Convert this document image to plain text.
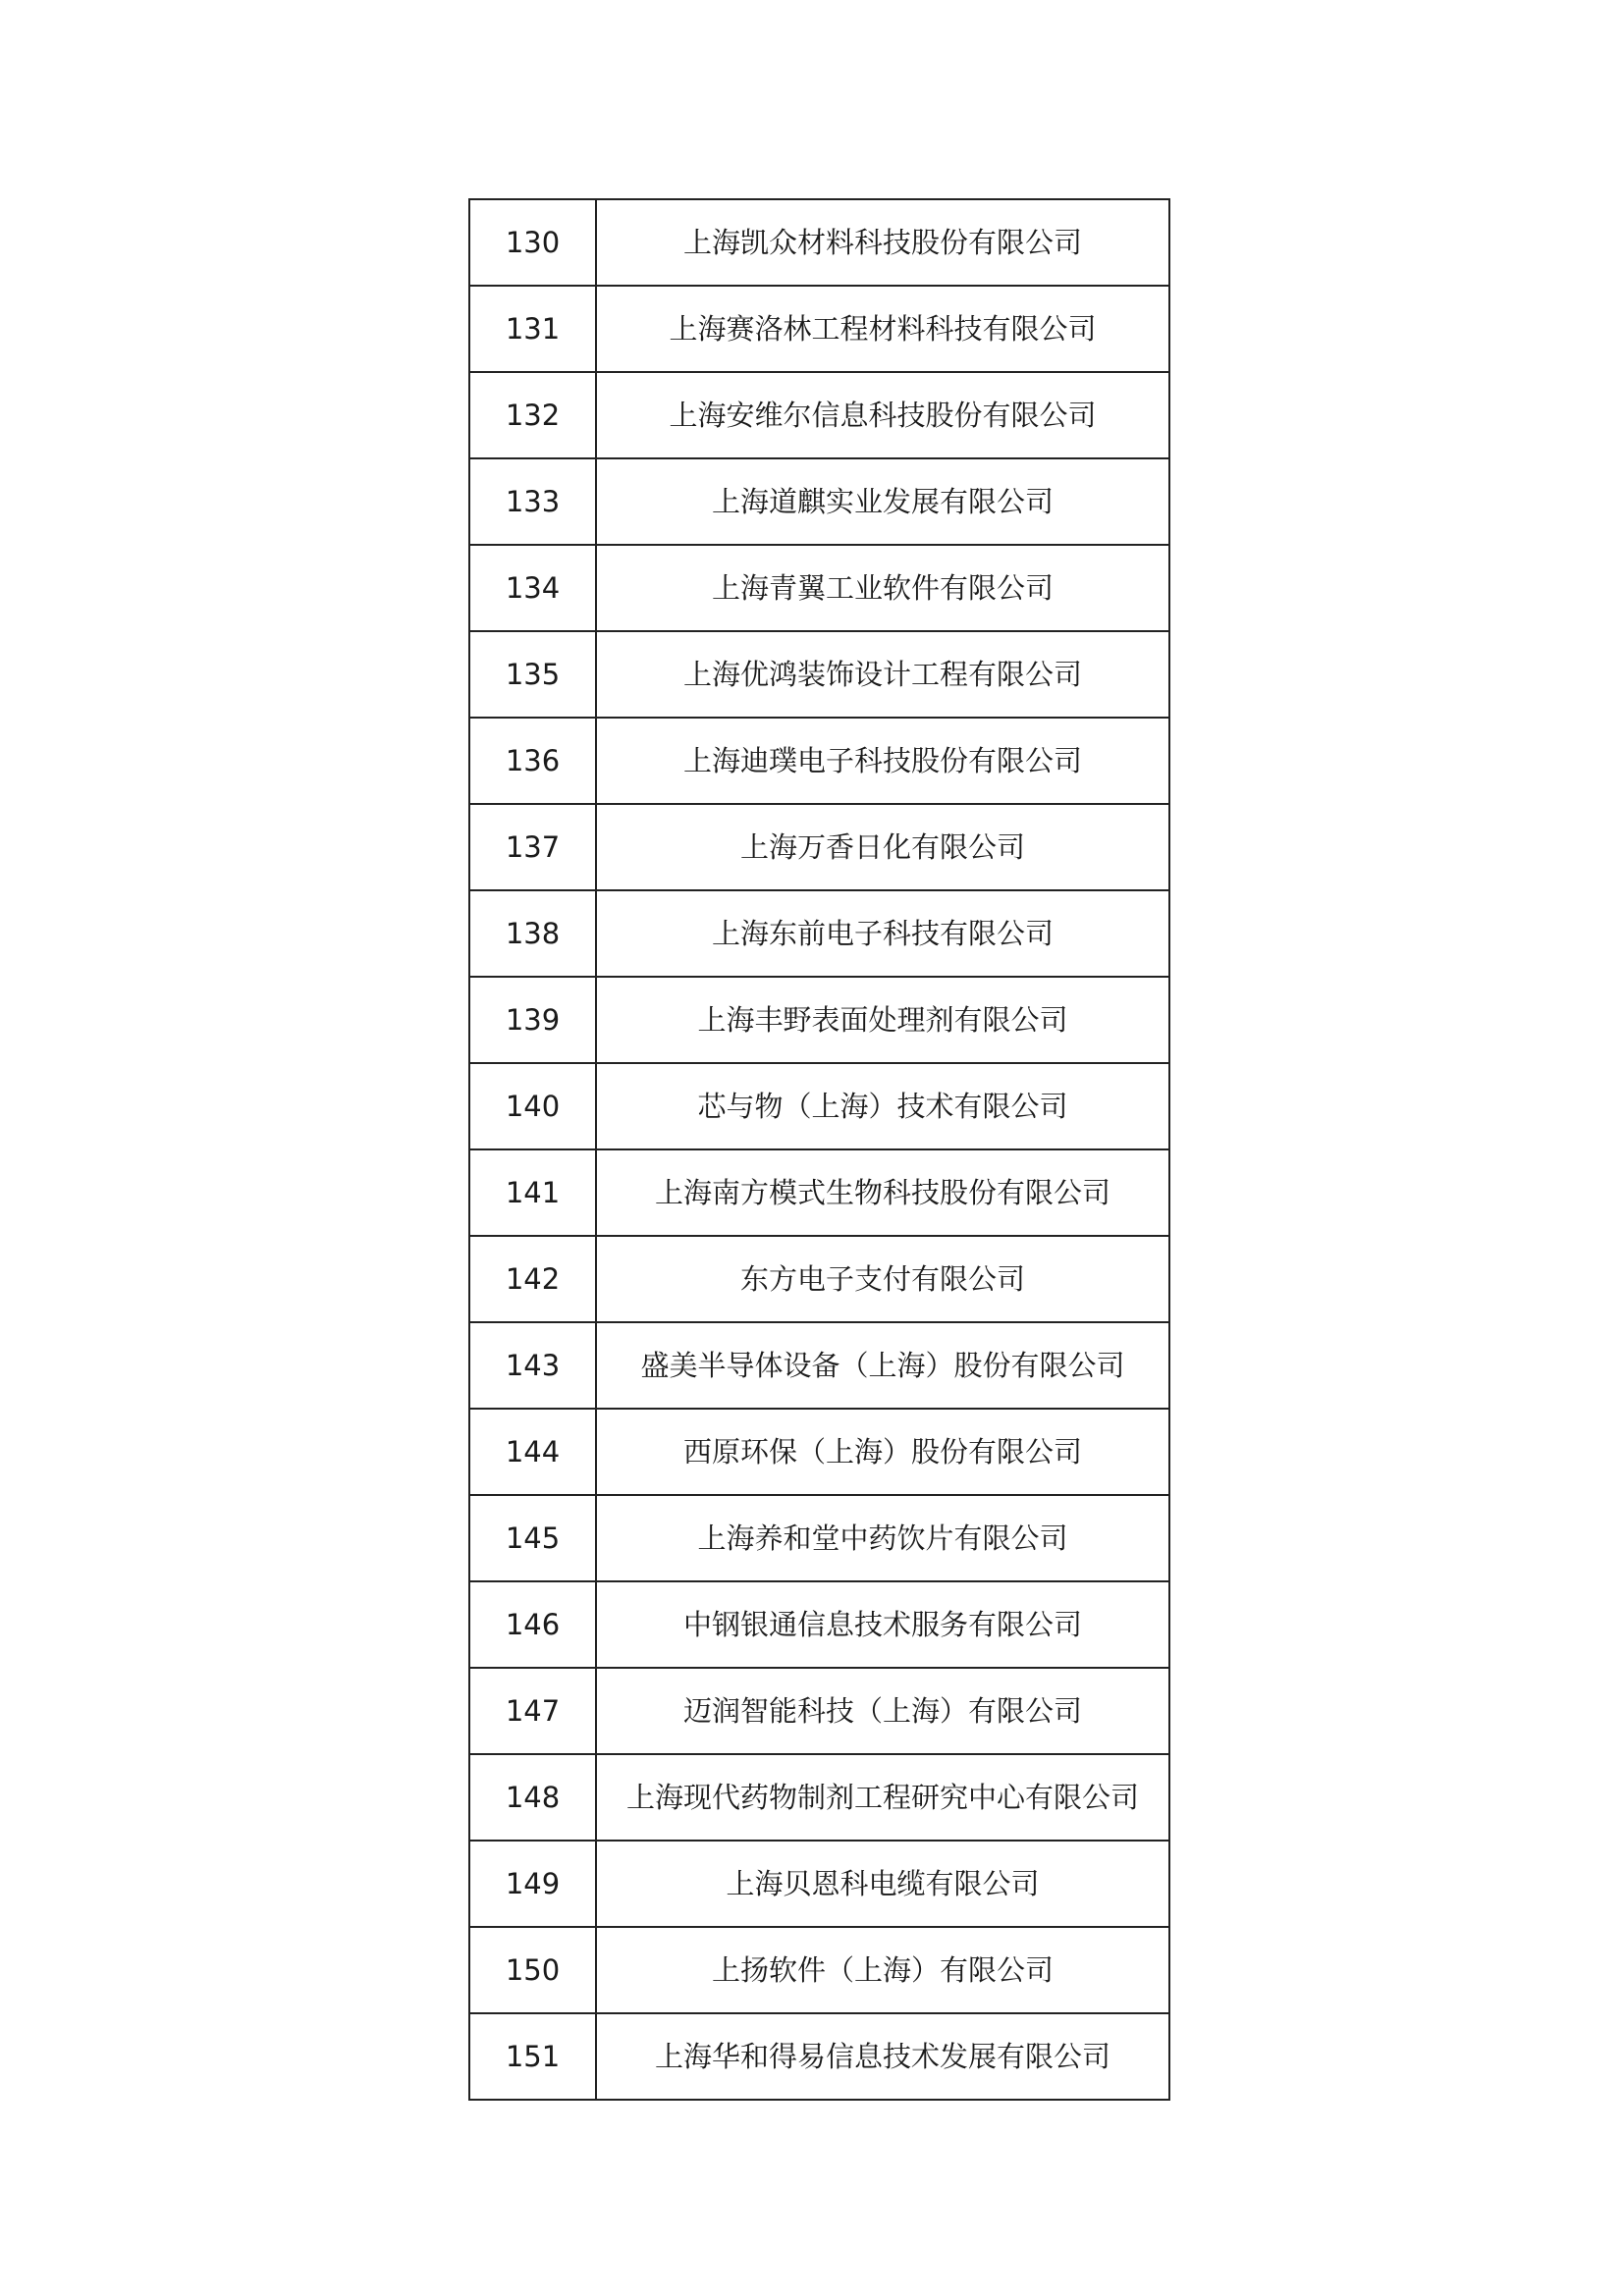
130	上海凯众材料科技股份有限公司
131	上海赛洛林工程材料科技有限公司
132	上海安维尔信息科技股份有限公司
133	上海道麒实业发展有限公司
134	上海青翼工业软件有限公司
135	上海优鸿装饰设计工程有限公司
136	上海迪璞电子科技股份有限公司
137	上海万香日化有限公司
138	上海东前电子科技有限公司
139	上海丰野表面处理剂有限公司
140	芯与物（上海）技术有限公司
141	上海南方模式生物科技股份有限公司
142	东方电子支付有限公司
143	盛美半导体设备（上海）股份有限公司
144	西原环保（上海）股份有限公司
145	上海养和堂中药饮片有限公司
146	中钢银通信息技术服务有限公司
147	迈润智能科技（上海）有限公司
148	上海现代药物制剂工程研究中心有限公司
149	上海贝恩科电缆有限公司
150	上扬软件（上海）有限公司
151	上海华和得易信息技术发展有限公司
